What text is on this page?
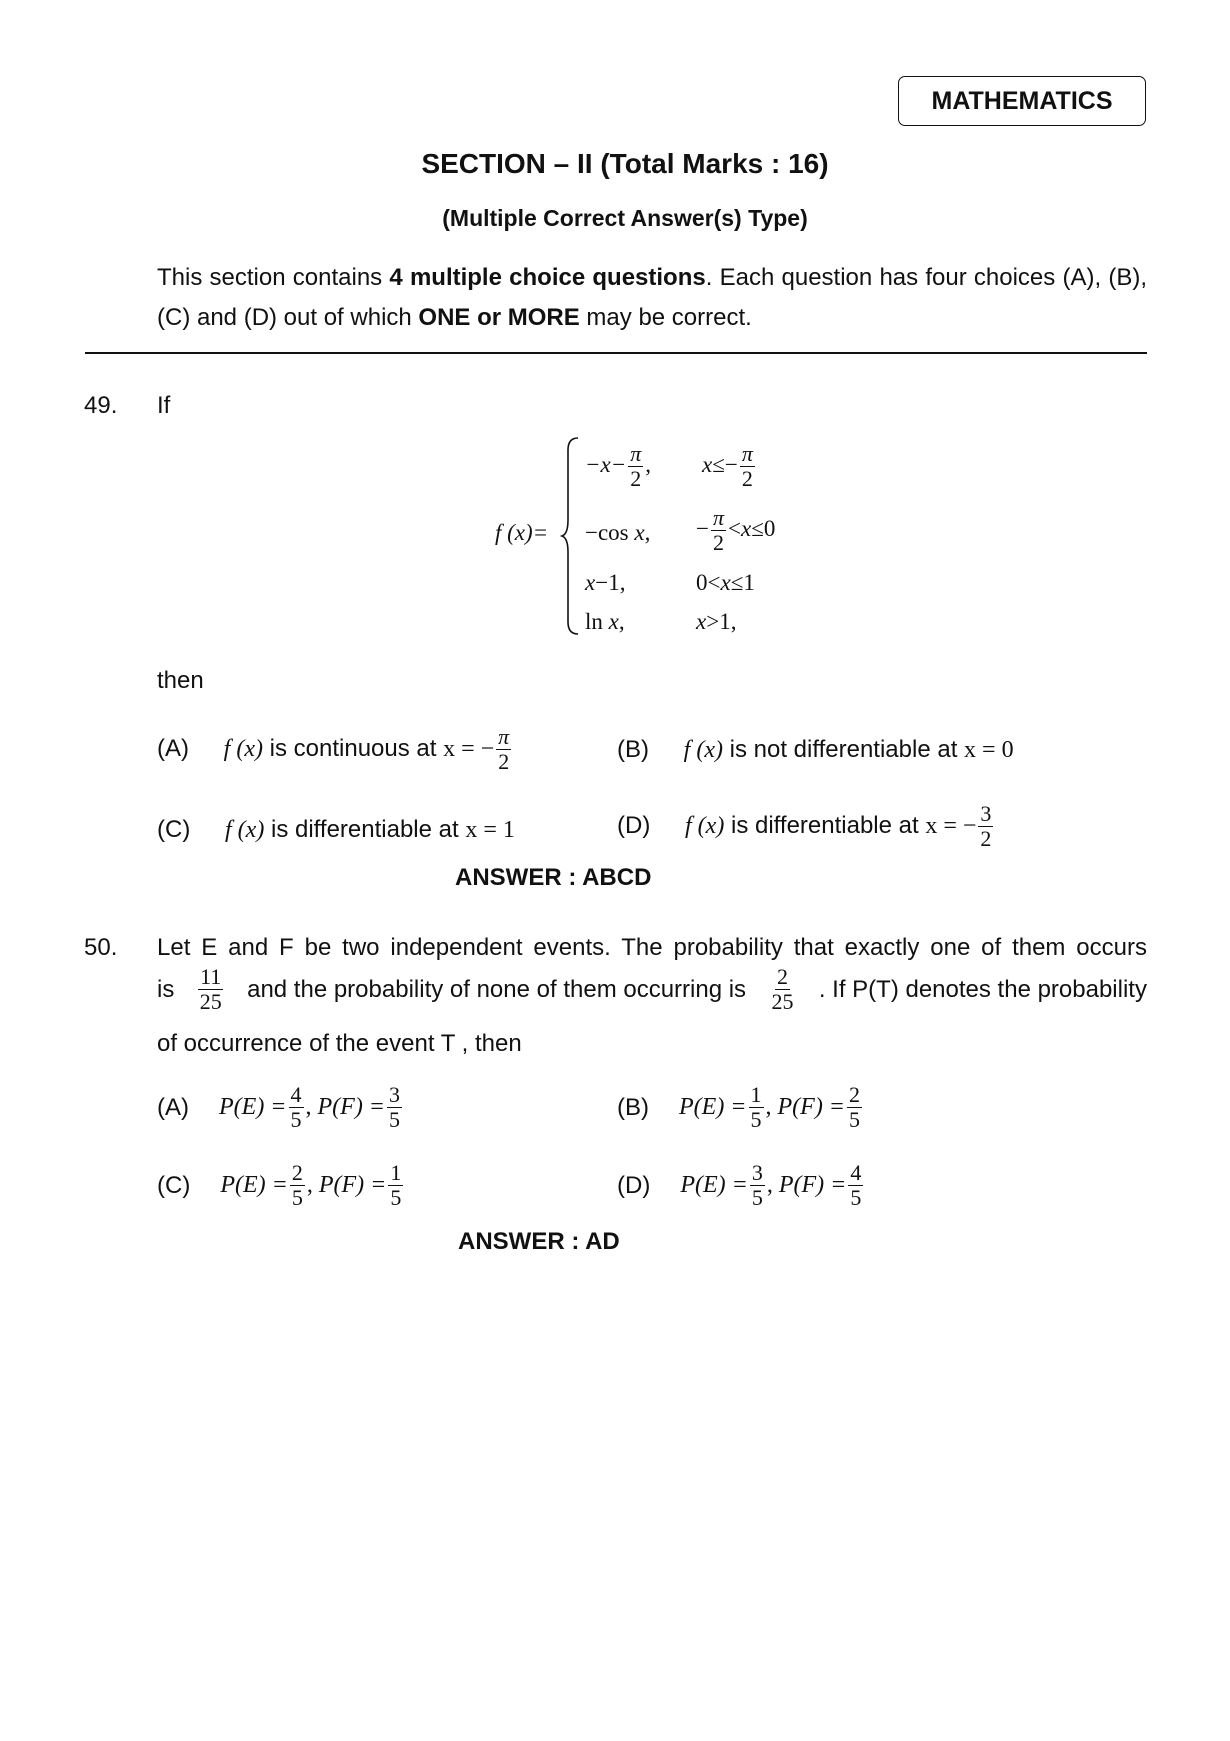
MATHEMATICS
SECTION – II (Total Marks : 16)
(Multiple Correct Answer(s) Type)
This section contains 4 multiple choice questions. Each question has four choices (A), (B), (C) and (D) out of which ONE or MORE may be correct.
49. If
f (x)=
$-x- \frac{\pi}{2}$ , $x\le- \frac{\pi}{2}$
−cos x, − $\frac{\pi}{2} <x\le 0$
x−1,	0<x≤1
ln x,	x>1,
then
(A) f (x) is continuous at x = − $\frac{\pi}{2}$	(B) f (x) is not differentiable at x = 0
(C) f (x) is differentiable at x = 1	(D) f (x) is differentiable at x = − $\frac{3}{2}$
ANSWER : ABCD
50. Let E and F be two independent events. The probability that exactly one of them occurs
is $\frac{11}{25}$ and the probability of none of them occurring is $\frac{2}{25}$ . If P(T) denotes the probability
of occurrence of the event T , then
(A) $P(E) = \frac{4}{5}$ , $P(F) = \frac{3}{5}$	(B) $P(E) = \frac{1}{5}$ , $P(F) = \frac{2}{5}$
(C) $P(E) = \frac{2}{5}$ , $P(F) = \frac{1}{5}$	(D) $P(E) = \frac{3}{5}$ , $P(F) = \frac{4}{5}$
ANSWER : AD
